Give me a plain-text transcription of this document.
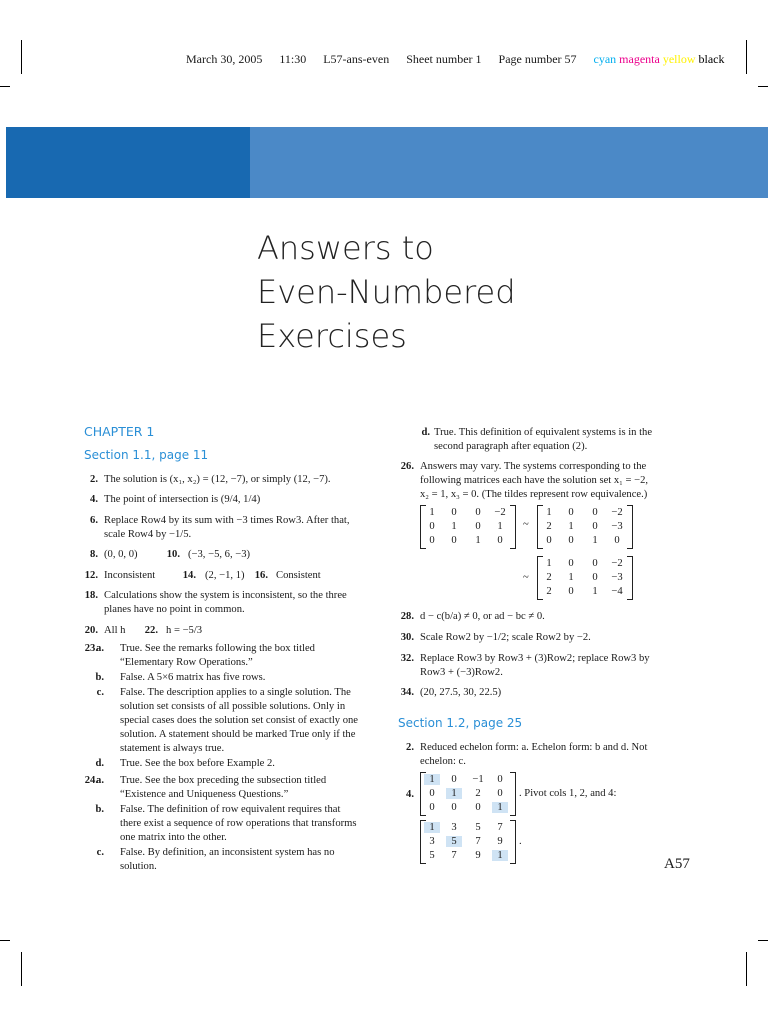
March 30, 2005 11:30 L57-ans-even Sheet number 1 Page number 57 cyan magenta yellow black
Answers to
Even-Numbered
Exercises
CHAPTER 1
Section 1.1, page 11
2. The solution is (x₁, x₂) = (12, −7), or simply (12, −7).
4. The point of intersection is (9/4, 1/4)
6. Replace Row4 by its sum with −3 times Row3. After that,
scale Row4 by −1/5.
8. (0, 0, 0)	10. (−3, −5, 6, −3)
12. Inconsistent	14. (2, −1, 1) 16. Consistent
18. Calculations show the system is inconsistent, so the three
planes have no point in common.
20. All h	22. h = −5/3
23.
a. True. See the remarks following the box titled
“Elementary Row Operations.”
b. False. A 5×6 matrix has five rows.
c. False. The description applies to a single solution. The
solution set consists of all possible solutions. Only in
special cases does the solution set consist of exactly one
solution. A statement should be marked True only if the
statement is always true.
d. True. See the box before Example 2.
24.
a. True. See the box preceding the subsection titled
“Existence and Uniqueness Questions.”
b. False. The definition of row equivalent requires that
there exist a sequence of row operations that transforms
one matrix into the other.
c. False. By definition, an inconsistent system has no
solution.
d. True. This definition of equivalent systems is in the
second paragraph after equation (2).
26. Answers may vary. The systems corresponding to the
following matrices each have the solution set x₁ = −2,
x₂ = 1, x₃ = 0. (The tildes represent row equivalence.)
1	0	0	−2
0	1	0	1
0	0	1	0
~
1	0	0	−2
2	1	0	−3
0	0	1	0
~
1	0	0	−2
2	1	0	−3
2	0	1	−4
28. d − c(b/a) ≠ 0, or ad − bc ≠ 0.
30. Scale Row2 by −1/2; scale Row2 by −2.
32. Replace Row3 by Row3 + (3)Row2; replace Row3 by
Row3 + (−3)Row2.
34. (20, 27.5, 30, 22.5)
Section 1.2, page 25
2. Reduced echelon form: a. Echelon form: b and d. Not
echelon: c.
4.
1	0	−1	0
0	1	2	0
0	0	0	1
. Pivot cols 1, 2, and 4:
1	3	5	7
3	5	7	9
5	7	9	1
.
A57
